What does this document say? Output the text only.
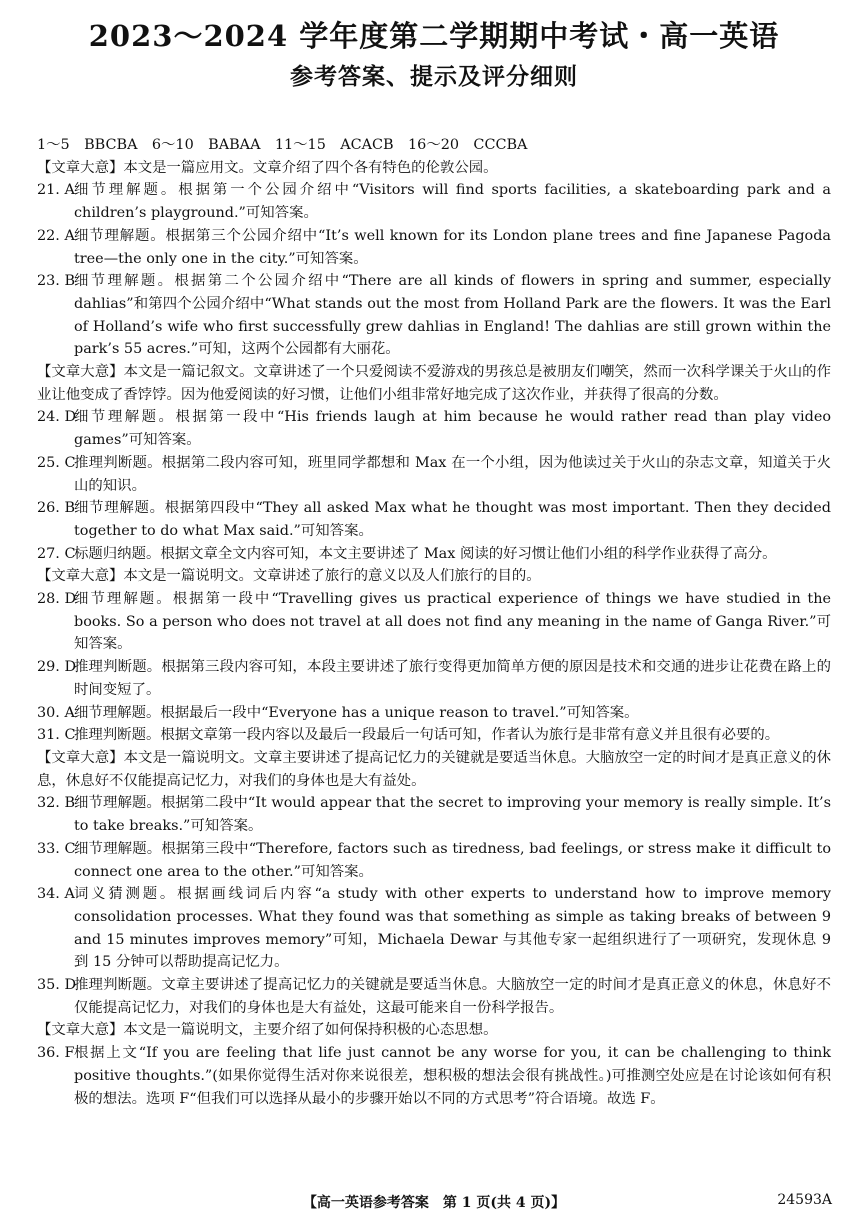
2023～2024 学年度第二学期期中考试・高一英语
参考答案、提示及评分细则
1～5　BBCBA　6～10　BABAA　11～15　ACACB　16～20　CCCBA
【文章大意】本文是一篇应用文。文章介绍了四个各有特色的伦敦公园。
21. A 细节理解题。根据第一个公园介绍中“Visitors will find sports facilities, a skateboarding park and a children’s playground.”可知答案。
22. A 细节理解题。根据第三个公园介绍中“It’s well known for its London plane trees and fine Japanese Pagoda tree—the only one in the city.”可知答案。
23. B
细节理解题。根据第二个公园介绍中“There are all kinds of flowers in spring and summer, especially dahlias”和第四个公园介绍中“What stands out the most from Holland Park are the flowers. It was the Earl of Holland’s wife who first successfully grew dahlias in England! The dahlias are still grown within the park’s 55 acres.”可知，这两个公园都有大丽花。
【文章大意】本文是一篇记叙文。文章讲述了一个只爱阅读不爱游戏的男孩总是被朋友们嘲笑，然而一次科学课关于火山的作业让他变成了香饽饽。因为他爱阅读的好习惯，让他们小组非常好地完成了这次作业，并获得了很高的分数。
24. D
细节理解题。根据第一段中“His friends laugh at him because he would rather read than play video games”可知答案。
25. C
推理判断题。根据第二段内容可知，班里同学都想和 Max 在一个小组，因为他读过关于火山的杂志文章，知道关于火山的知识。
26. B
细节理解题。根据第四段中“They all asked Max what he thought was most important. Then they decided together to do what Max said.”可知答案。
27. C
标题归纳题。根据文章全文内容可知，本文主要讲述了 Max 阅读的好习惯让他们小组的科学作业获得了高分。
【文章大意】本文是一篇说明文。文章讲述了旅行的意义以及人们旅行的目的。
28. D
细节理解题。根据第一段中“Travelling gives us practical experience of things we have studied in the books. So a person who does not travel at all does not find any meaning in the name of Ganga River.”可知答案。
29. D
推理判断题。根据第三段内容可知，本段主要讲述了旅行变得更加简单方便的原因是技术和交通的进步让花费在路上的时间变短了。
30. A 细节理解题。根据最后一段中“Everyone has a unique reason to travel.”可知答案。
31. C
推理判断题。根据文章第一段内容以及最后一段最后一句话可知，作者认为旅行是非常有意义并且很有必要的。
【文章大意】本文是一篇说明文。文章主要讲述了提高记忆力的关键就是要适当休息。大脑放空一定的时间才是真正意义的休息，休息好不仅能提高记忆力，对我们的身体也是大有益处。
32. B
细节理解题。根据第二段中“It would appear that the secret to improving your memory is really simple. It’s to take breaks.”可知答案。
33. C
细节理解题。根据第三段中“Therefore, factors such as tiredness, bad feelings, or stress make it difficult to connect one area to the other.”可知答案。
34. A 词义猜测题。根据画线词后内容“a study with other experts to understand how to improve memory consolidation processes. What they found was that something as simple as taking breaks of between 9 and 15 minutes improves memory”可知，Michaela Dewar 与其他专家一起组织进行了一项研究，发现休息 9 到 15 分钟可以帮助提高记忆力。
35. D
推理判断题。文章主要讲述了提高记忆力的关键就是要适当休息。大脑放空一定的时间才是真正意义的休息，休息好不仅能提高记忆力，对我们的身体也是大有益处，这最可能来自一份科学报告。
【文章大意】本文是一篇说明文，主要介绍了如何保持积极的心态思想。
36. F 根据上文“If you are feeling that life just cannot be any worse for you, it can be challenging to think positive thoughts.”(如果你觉得生活对你来说很差，想积极的想法会很有挑战性。)可推测空处应是在讨论该如何有积极的想法。选项 F“但我们可以选择从最小的步骤开始以不同的方式思考”符合语境。故选 F。
【高一英语参考答案　第 1 页(共 4 页)】	24593A
